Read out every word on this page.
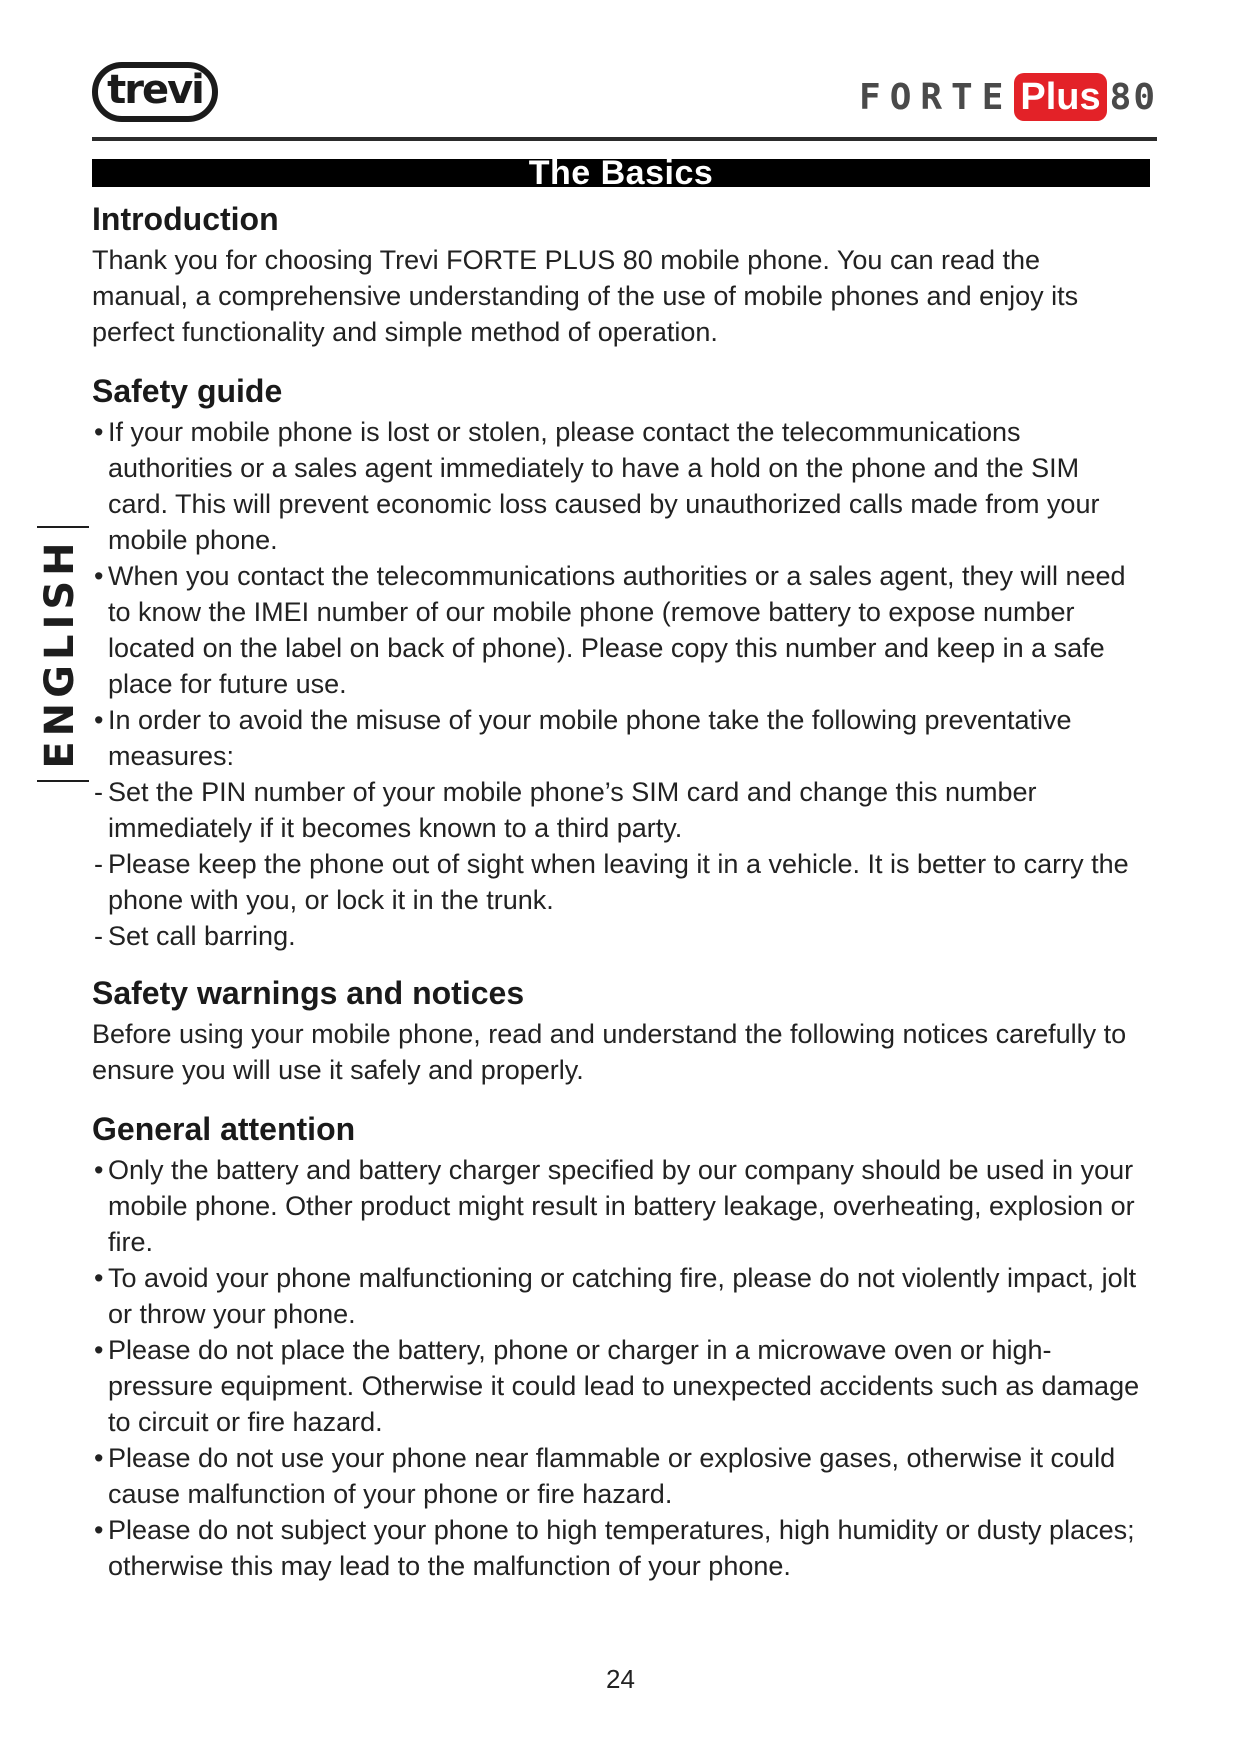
trevi	FORTE Plus 80
The Basics
ENGLISH
Introduction

Thank you for choosing Trevi FORTE PLUS 80 mobile phone. You can read the manual, a comprehensive understanding of the use of mobile phones and enjoy its perfect functionality and simple method of operation.

Safety guide
• If your mobile phone is lost or stolen, please contact the telecommunications authorities or a sales agent immediately to have a hold on the phone and the SIM card. This will prevent economic loss caused by unauthorized calls made from your mobile phone.
• When you contact the telecommunications authorities or a sales agent, they will need to know the IMEI number of our mobile phone (remove battery to expose number located on the label on back of phone). Please copy this number and keep in a safe place for future use.
• In order to avoid the misuse of your mobile phone take the following preventative measures:
- Set the PIN number of your mobile phone’s SIM card and change this number immediately if it becomes known to a third party.
- Please keep the phone out of sight when leaving it in a vehicle. It is better to carry the phone with you, or lock it in the trunk.
- Set call barring.
Safety warnings and notices

Before using your mobile phone, read and understand the following notices carefully to ensure you will use it safely and properly.

General attention
• Only the battery and battery charger specified by our company should be used in your mobile phone. Other product might result in battery leakage, overheating, explosion or fire.
• To avoid your phone malfunctioning or catching fire, please do not violently impact, jolt or throw your phone.
• Please do not place the battery, phone or charger in a microwave oven or high-pressure equipment. Otherwise it could lead to unexpected accidents such as damage to circuit or fire hazard.
• Please do not use your phone near flammable or explosive gases, otherwise it could cause malfunction of your phone or fire hazard.
• Please do not subject your phone to high temperatures, high humidity or dusty places; otherwise this may lead to the malfunction of your phone.
24
